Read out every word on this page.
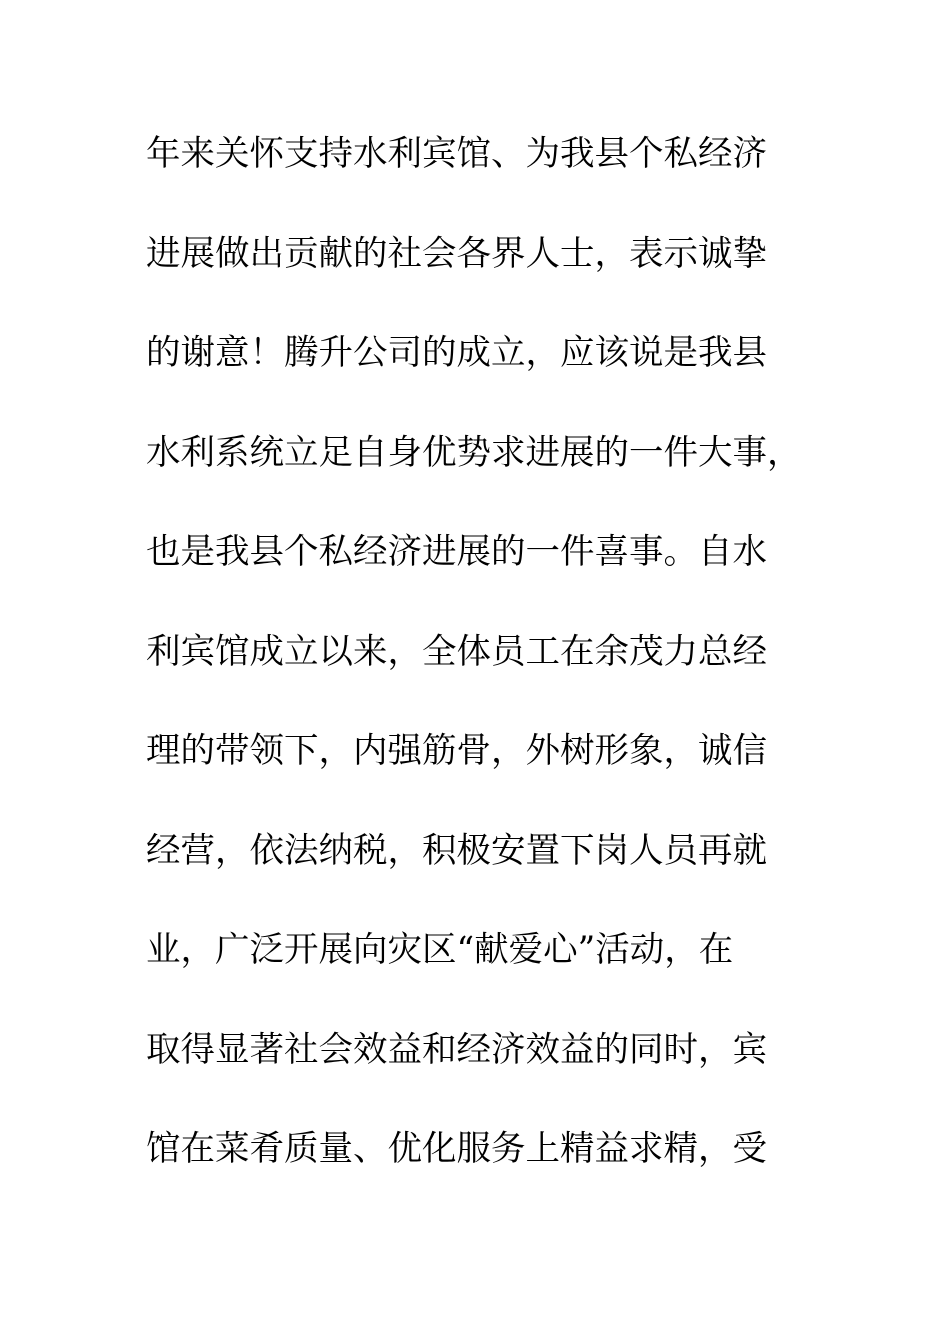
年来关怀支持水利宾馆、为我县个私经济
进展做出贡献的社会各界人士，表示诚挚
的谢意！腾升公司的成立，应该说是我县
水利系统立足自身优势求进展的一件大事，
也是我县个私经济进展的一件喜事。自水
利宾馆成立以来，全体员工在余茂力总经
理的带领下，内强筋骨，外树形象，诚信
经营，依法纳税，积极安置下岗人员再就
业，广泛开展向灾区“献爱心”活动，在
取得显著社会效益和经济效益的同时，宾
馆在菜肴质量、优化服务上精益求精，受
